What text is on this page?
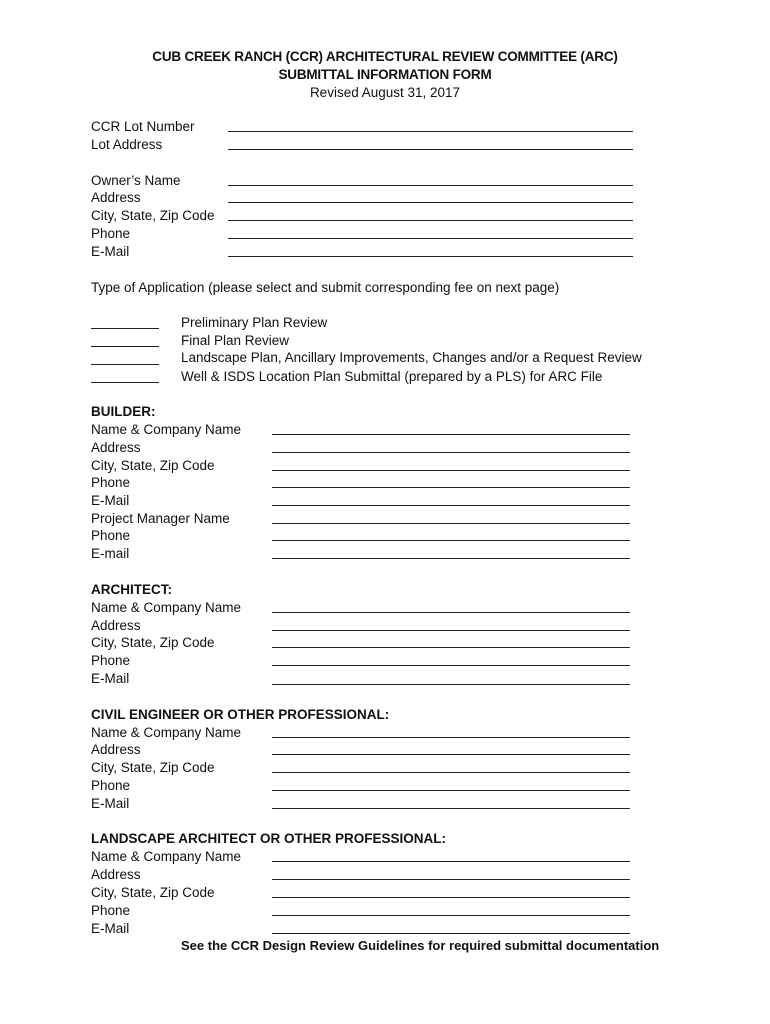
CUB CREEK RANCH (CCR) ARCHITECTURAL REVIEW COMMITTEE (ARC)
SUBMITTAL INFORMATION FORM
Revised August 31, 2017
CCR Lot Number
Lot Address
Owner’s Name
Address
City, State, Zip Code
Phone
E-Mail
Type of Application (please select and submit corresponding fee on next page)
Preliminary Plan Review
Final Plan Review
Landscape Plan, Ancillary Improvements, Changes and/or a Request Review
Well & ISDS Location Plan Submittal (prepared by a PLS) for ARC File
BUILDER:
Name & Company Name
Address
City, State, Zip Code
Phone
E-Mail
Project Manager Name
Phone
E-mail
ARCHITECT:
Name & Company Name
Address
City, State, Zip Code
Phone
E-Mail
CIVIL ENGINEER OR OTHER PROFESSIONAL:
Name & Company Name
Address
City, State, Zip Code
Phone
E-Mail
LANDSCAPE ARCHITECT OR OTHER PROFESSIONAL:
Name & Company Name
Address
City, State, Zip Code
Phone
E-Mail
See the CCR Design Review Guidelines for required submittal documentation
